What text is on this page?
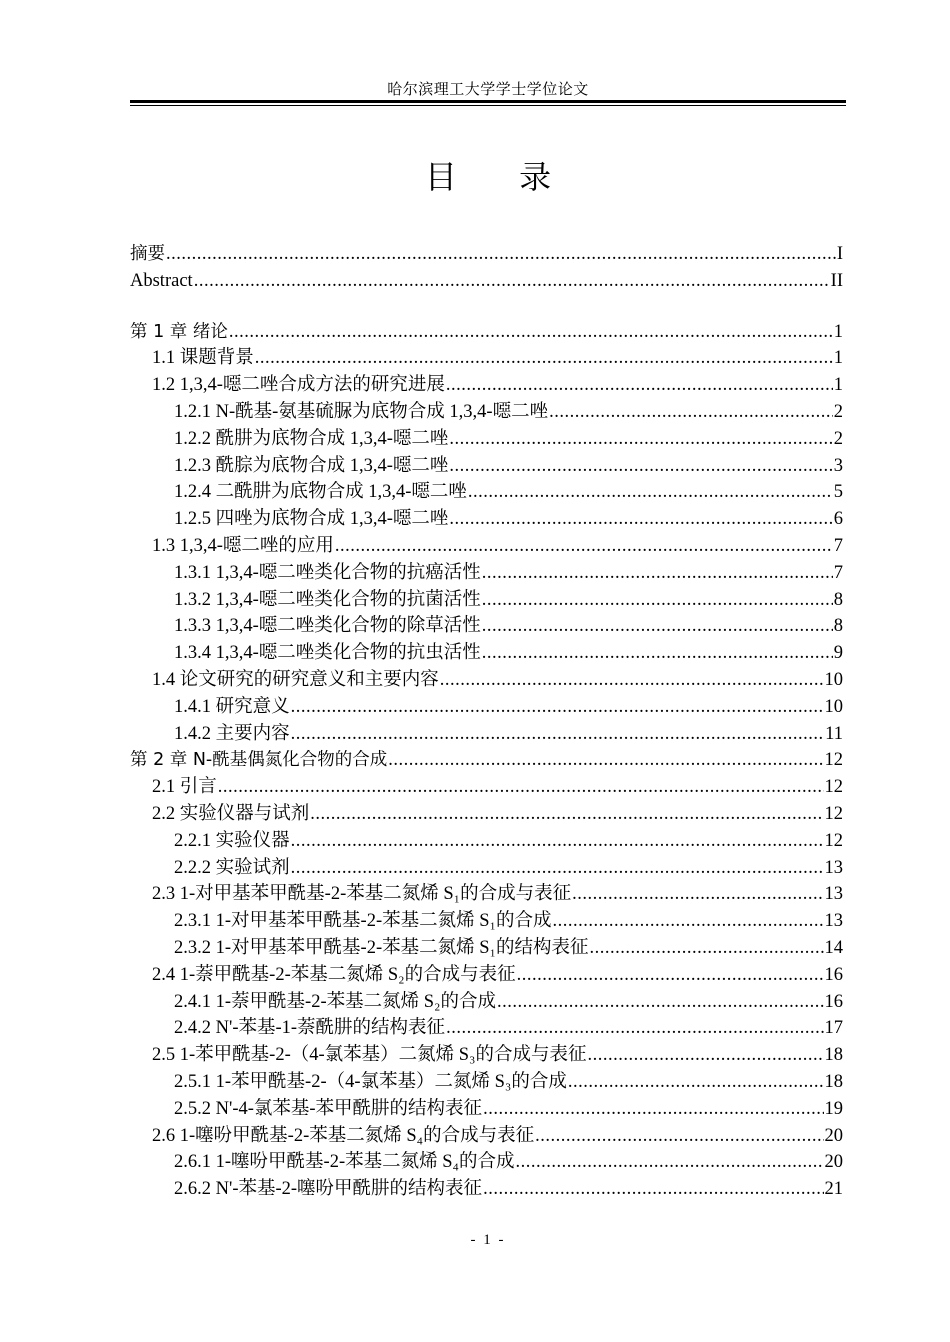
哈尔滨理工大学学士学位论文
目 录
摘要 .....	I
Abstract .....	II
第 1 章 绪论 .....	1
1.1 课题背景 .....	1
1.2 1,3,4-噁二唑合成方法的研究进展 .....	1
1.2.1 N-酰基-氨基硫脲为底物合成 1,3,4-噁二唑 .....	2
1.2.2 酰肼为底物合成 1,3,4-噁二唑 .....	2
1.2.3 酰腙为底物合成 1,3,4-噁二唑 .....	3
1.2.4 二酰肼为底物合成 1,3,4-噁二唑 .....	5
1.2.5 四唑为底物合成 1,3,4-噁二唑 .....	6
1.3 1,3,4-噁二唑的应用 .....	7
1.3.1 1,3,4-噁二唑类化合物的抗癌活性 .....	7
1.3.2 1,3,4-噁二唑类化合物的抗菌活性 .....	8
1.3.3 1,3,4-噁二唑类化合物的除草活性 .....	8
1.3.4 1,3,4-噁二唑类化合物的抗虫活性 .....	9
1.4 论文研究的研究意义和主要内容 .....	10
1.4.1 研究意义 .....	10
1.4.2 主要内容 .....	11
第 2 章 N-酰基偶氮化合物的合成 .....	12
2.1 引言 .....	12
2.2 实验仪器与试剂 .....	12
2.2.1 实验仪器 .....	12
2.2.2 实验试剂 .....	13
2.3 1-对甲基苯甲酰基-2-苯基二氮烯 S₁的合成与表征 .....	13
2.3.1 1-对甲基苯甲酰基-2-苯基二氮烯 S₁的合成 .....	13
2.3.2 1-对甲基苯甲酰基-2-苯基二氮烯 S₁的结构表征 .....	14
2.4 1-萘甲酰基-2-苯基二氮烯 S₂的合成与表征 .....	16
2.4.1 1-萘甲酰基-2-苯基二氮烯 S₂的合成 .....	16
2.4.2 N'-苯基-1-萘酰肼的结构表征 .....	17
2.5 1-苯甲酰基-2-（4-氯苯基）二氮烯 S₃的合成与表征 .....	18
2.5.1 1-苯甲酰基-2-（4-氯苯基）二氮烯 S₃的合成 .....	18
2.5.2 N'-4-氯苯基-苯甲酰肼的结构表征 .....	19
2.6 1-噻吩甲酰基-2-苯基二氮烯 S₄的合成与表征 .....	20
2.6.1 1-噻吩甲酰基-2-苯基二氮烯 S₄的合成 .....	20
2.6.2 N'-苯基-2-噻吩甲酰肼的结构表征 .....	21
- 1 -
